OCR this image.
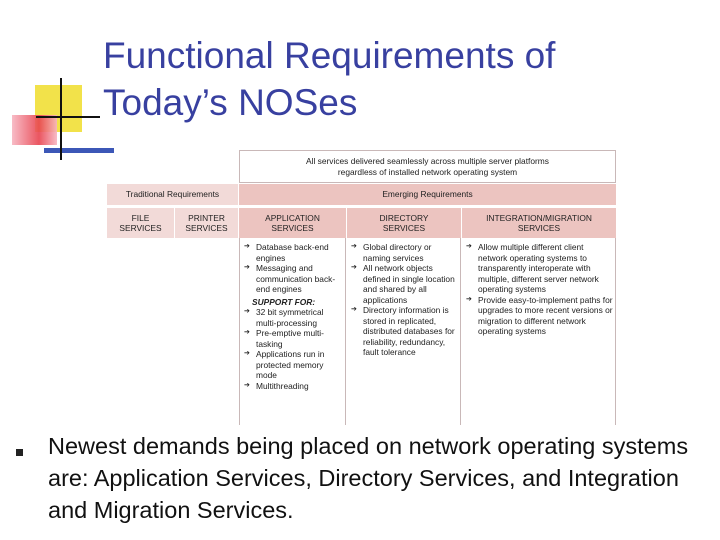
Functional Requirements of
Today’s NOSes
All services delivered seamlessly across multiple server platforms
regardless of installed network operating system
Traditional Requirements	Emerging Requirements
FILE
SERVICES
PRINTER
SERVICES
APPLICATION
SERVICES
DIRECTORY
SERVICES
INTEGRATION/MIGRATION
SERVICES
➔ Database back-end engines
➔ Messaging and communication back-end engines
SUPPORT FOR:
➔ 32 bit symmetrical multi-processing
➔ Pre-emptive multi-tasking
➔ Applications run in protected memory mode
➔ Multithreading
➔ Global directory or naming services
➔ All network objects defined in single location and shared by all applications
➔ Directory information is stored in replicated, distributed databases for reliability, redundancy, fault tolerance
➔ Allow multiple different client network operating systems to transparently interoperate with multiple, different server network operating systems
➔ Provide easy-to-implement paths for upgrades to more recent versions or migration to different network operating systems
Newest demands being placed on network operating systems are: Application Services, Directory Services, and Integration and Migration Services.
